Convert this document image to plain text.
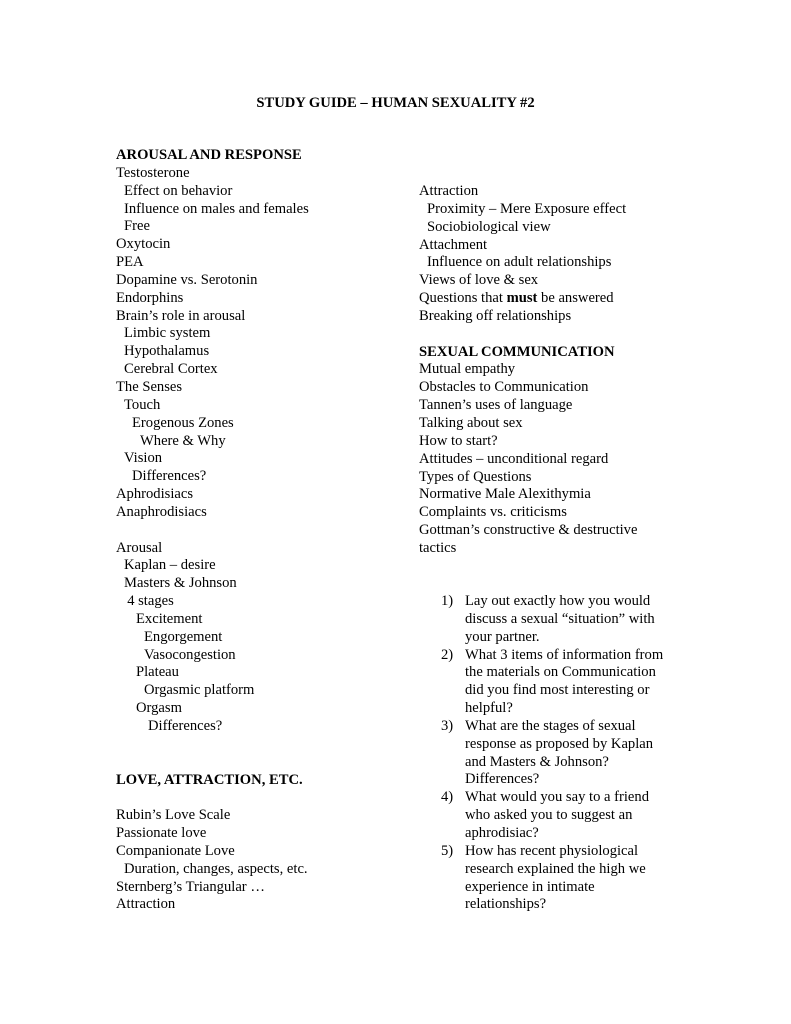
STUDY GUIDE – HUMAN SEXUALITY #2
AROUSAL AND RESPONSE
Testosterone
Effect on behavior
Influence on males and females
Free
Oxytocin
PEA
Dopamine vs. Serotonin
Endorphins
Brain’s role in arousal
Limbic system
Hypothalamus
Cerebral Cortex
The Senses
Touch
Erogenous Zones
Where & Why
Vision
Differences?
Aphrodisiacs
Anaphrodisiacs
Arousal
Kaplan – desire
Masters & Johnson
4 stages
Excitement
Engorgement
Vasocongestion
Plateau
Orgasmic platform
Orgasm
Differences?
LOVE, ATTRACTION, ETC.
Rubin’s Love Scale
Passionate love
Companionate Love
Duration, changes, aspects, etc.
Sternberg’s Triangular …
Attraction
Attraction
Proximity – Mere Exposure effect
Sociobiological view
Attachment
Influence on adult relationships
Views of love & sex
Questions that must be answered
Breaking off relationships
SEXUAL COMMUNICATION
Mutual empathy
Obstacles to Communication
Tannen’s uses of language
Talking about sex
How to start?
Attitudes – unconditional regard
Types of Questions
Normative Male Alexithymia
Complaints vs. criticisms
Gottman’s constructive & destructive
tactics
1) Lay out exactly how you would discuss a sexual “situation” with your partner.
2) What 3 items of information from the materials on Communication did you find most interesting or helpful?
3) What are the stages of sexual response as proposed by Kaplan and Masters & Johnson? Differences?
4) What would you say to a friend who asked you to suggest an aphrodisiac?
5) How has recent physiological research explained the high we experience in intimate relationships?
